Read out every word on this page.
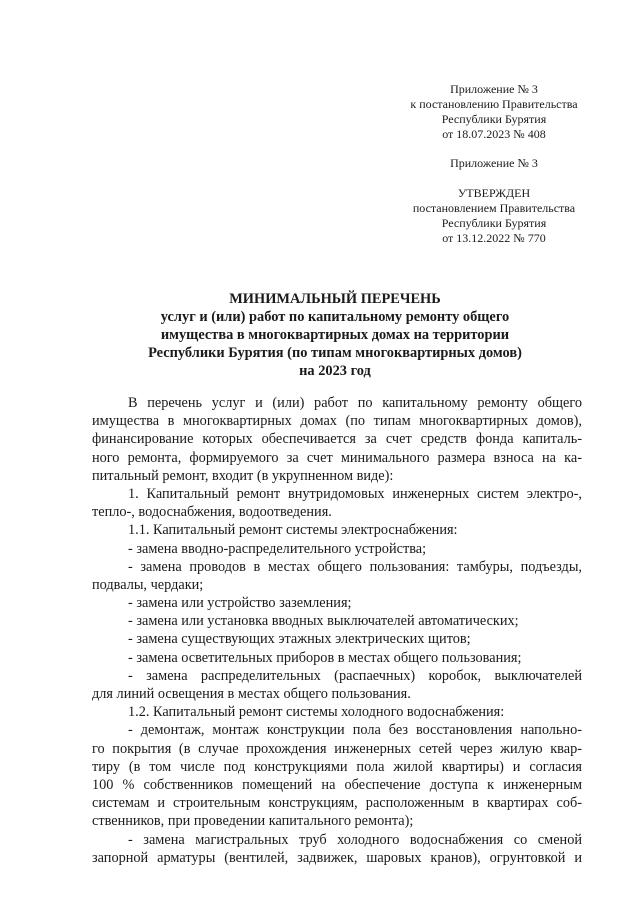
Приложение № 3
к постановлению Правительства
Республики Бурятия
от 18.07.2023 № 408
Приложение № 3
УТВЕРЖДЕН
постановлением Правительства
Республики Бурятия
от 13.12.2022 № 770
МИНИМАЛЬНЫЙ ПЕРЕЧЕНЬ
услуг и (или) работ по капитальному ремонту общего
имущества в многоквартирных домах на территории
Республики Бурятия (по типам многоквартирных домов)
на 2023 год
В перечень услуг и (или) работ по капитальному ремонту общего
имущества в многоквартирных домах (по типам многоквартирных домов),
финансирование которых обеспечивается за счет средств фонда капиталь-
ного ремонта, формируемого за счет минимального размера взноса на ка-
питальный ремонт, входит (в укрупненном виде):
1. Капитальный ремонт внутридомовых инженерных систем электро-,
тепло-, водоснабжения, водоотведения.
1.1. Капитальный ремонт системы электроснабжения:
- замена вводно-распределительного устройства;
- замена проводов в местах общего пользования: тамбуры, подъезды,
подвалы, чердаки;
- замена или устройство заземления;
- замена или установка вводных выключателей автоматических;
- замена существующих этажных электрических щитов;
- замена осветительных приборов в местах общего пользования;
- замена распределительных (распаечных) коробок, выключателей
для линий освещения в местах общего пользования.
1.2. Капитальный ремонт системы холодного водоснабжения:
- демонтаж, монтаж конструкции пола без восстановления напольно-
го покрытия (в случае прохождения инженерных сетей через жилую квар-
тиру (в том числе под конструкциями пола жилой квартиры) и согласия
100 % собственников помещений на обеспечение доступа к инженерным
системам и строительным конструкциям, расположенным в квартирах соб-
ственников, при проведении капитального ремонта);
- замена магистральных труб холодного водоснабжения со сменой
запорной арматуры (вентилей, задвижек, шаровых кранов), огрунтовкой и
